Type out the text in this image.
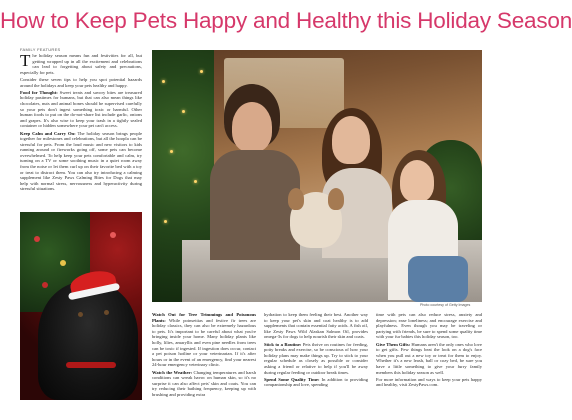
How to Keep Pets Happy and Healthy this Holiday Season
FAMILY FEATURES

The holiday season means fun and festivities for all, but getting wrapped up in all the excitement and celebrations can lead to forgetting about safety and precautions, especially for pets.

Consider these seven tips to help you spot potential hazards around the holidays and keep your pets healthy and happy.

Food for Thought: Sweet treats and savory bites are treasured holiday pastimes for humans, but that can also mean things like chocolates, nuts and animal bones should be supervised carefully so your pets don't ingest something toxic or harmful. Other human foods to put on the do-not-share list include garlic, onions and grapes. It's also wise to keep your trash in a tightly sealed container or hidden somewhere your pet can't access.

Keep Calm and Carry On: The holiday season brings people together for milestones and celebrations, but all the hoopla can be stressful for pets. From the loud music and new visitors to kids running around or fireworks going off, some pets can become overwhelmed. To help keep your pets comfortable and calm, try turning on a TV or some soothing music in a quiet room away from the noise or let them curl up on their favorite bed with a toy or treat to distract them. You can also try introducing a calming supplement like Zesty Paws Calming Bites for Dogs that may help with normal stress, nervousness and hyperactivity during stressful situations.

Photo courtesy of Getty Images

Watch Out for Tree Trimmings and Poisonous Plants: While poinsettias and festive fir trees are holiday classics, they can also be extremely hazardous to pets. It's important to be careful about what you're bringing inside your home. Many holiday plants like holly, lilies, amaryllis and even pine needles from trees can be toxic if ingested. If ingestion does occur, contact a pet poison hotline or your veterinarian. If it's after hours or in the event of an emergency, find your nearest 24-hour emergency veterinary clinic.

Watch the Weather: Changing temperatures and harsh conditions can wreak havoc on human skin, so it's no surprise it can also affect pets' skin and coats. You can try reducing their bathing frequency, keeping up with brushing and providing extra

hydration to keep them feeling their best. Another way to keep your pet's skin and coat healthy is to add supplements that contain essential fatty acids. A fish oil, like Zesty Paws Wild Alaskan Salmon Oil, provides omega-3s for dogs to help nourish their skin and coats.

Stick to a Routine: Pets thrive on routines for feeding, potty breaks and exercise, so be conscious of how your holiday plans may make things up. Try to stick to your regular schedule as closely as possible or consider asking a friend or relative to help if you'll be away during regular feeding or outdoor break times.

Spend Some Quality Time: In addition to providing companionship and love, spending

time with pets can also reduce stress, anxiety and depression; ease loneliness; and encourage exercise and playfulness. Even though you may be traveling or partying with friends, be sure to spend some quality time with your fur babies this holiday season, too.

Give Them Gifts: Humans aren't the only ones who love to get gifts. Few things beat the look on a dog's face when you pull out a new toy or treat for them to enjoy. Whether it's a new leash, ball or cozy bed, be sure you have a little something to give your furry family members this holiday season as well.

For more information and ways to keep your pets happy and healthy, visit ZestyPaws.com.
